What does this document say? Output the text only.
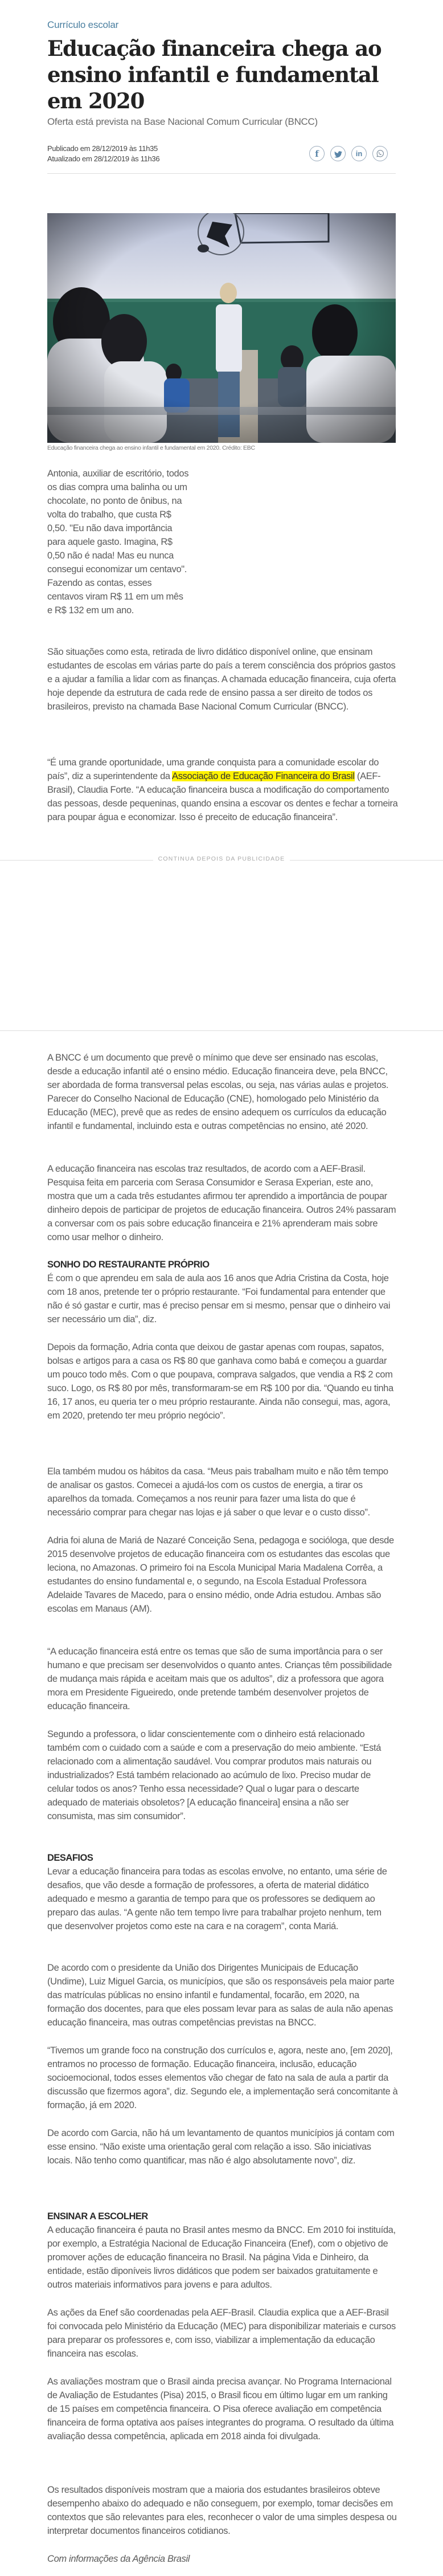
Currículo escolar
Educação financeira chega ao ensino infantil e fundamental em 2020
Oferta está prevista na Base Nacional Comum Curricular (BNCC)
Publicado em 28/12/2019 às 11h35
Atualizado em 28/12/2019 às 11h36	f	in
Educação financeira chega ao ensino infantil e fundamental em 2020. Crédito: EBC

Antonia, auxiliar de escritório, todos os dias compra uma balinha ou um chocolate, no ponto de ônibus, na volta do trabalho, que custa R$ 0,50. "Eu não dava importância para aquele gasto. Imagina, R$ 0,50 não é nada! Mas eu nunca consegui economizar um centavo". Fazendo as contas, esses centavos viram R$ 11 em um mês e R$ 132 em um ano.

São situações como esta, retirada de livro didático disponível online, que ensinam estudantes de escolas em várias parte do país a terem consciência dos próprios gastos e a ajudar a família a lidar com as finanças. A chamada educação financeira, cuja oferta hoje depende da estrutura de cada rede de ensino passa a ser direito de todos os brasileiros, previsto na chamada Base Nacional Comum Curricular (BNCC).

“É uma grande oportunidade, uma grande conquista para a comunidade escolar do país”, diz a superintendente da Associação de Educação Financeira do Brasil (AEF-Brasil), Claudia Forte. “A educação financeira busca a modificação do comportamento das pessoas, desde pequeninas, quando ensina a escovar os dentes e fechar a torneira para poupar água e economizar. Isso é preceito de educação financeira”.

CONTINUA DEPOIS DA PUBLICIDADE

A BNCC é um documento que prevê o mínimo que deve ser ensinado nas escolas, desde a educação infantil até o ensino médio. Educação financeira deve, pela BNCC, ser abordada de forma transversal pelas escolas, ou seja, nas várias aulas e projetos. Parecer do Conselho Nacional de Educação (CNE), homologado pelo Ministério da Educação (MEC), prevê que as redes de ensino adequem os currículos da educação infantil e fundamental, incluindo esta e outras competências no ensino, até 2020.

A educação financeira nas escolas traz resultados, de acordo com a AEF-Brasil. Pesquisa feita em parceria com Serasa Consumidor e Serasa Experian, este ano, mostra que um a cada três estudantes afirmou ter aprendido a importância de poupar dinheiro depois de participar de projetos de educação financeira. Outros 24% passaram a conversar com os pais sobre educação financeira e 21% aprenderam mais sobre como usar melhor o dinheiro.

SONHO DO RESTAURANTE PRÓPRIO

É com o que aprendeu em sala de aula aos 16 anos que Adria Cristina da Costa, hoje com 18 anos, pretende ter o próprio restaurante. “Foi fundamental para entender que não é só gastar e curtir, mas é preciso pensar em si mesmo, pensar que o dinheiro vai ser necessário um dia”, diz.

Depois da formação, Adria conta que deixou de gastar apenas com roupas, sapatos, bolsas e artigos para a casa os R$ 80 que ganhava como babá e começou a guardar um pouco todo mês. Com o que poupava, comprava salgados, que vendia a R$ 2 com suco. Logo, os R$ 80 por mês, transformaram-se em R$ 100 por dia. “Quando eu tinha 16, 17 anos, eu queria ter o meu próprio restaurante. Ainda não consegui, mas, agora, em 2020, pretendo ter meu próprio negócio”.

Ela também mudou os hábitos da casa. “Meus pais trabalham muito e não têm tempo de analisar os gastos. Comecei a ajudá-los com os custos de energia, a tirar os aparelhos da tomada. Começamos a nos reunir para fazer uma lista do que é necessário comprar para chegar nas lojas e já saber o que levar e o custo disso”.

Adria foi aluna de Mariá de Nazaré Conceição Sena, pedagoga e socióloga, que desde 2015 desenvolve projetos de educação financeira com os estudantes das escolas que leciona, no Amazonas. O primeiro foi na Escola Municipal Maria Madalena Corrêa, a estudantes do ensino fundamental e, o segundo, na Escola Estadual Professora Adelaide Tavares de Macedo, para o ensino médio, onde Adria estudou. Ambas são escolas em Manaus (AM).

“A educação financeira está entre os temas que são de suma importância para o ser humano e que precisam ser desenvolvidos o quanto antes. Crianças têm possibilidade de mudança mais rápida e aceitam mais que os adultos”, diz a professora que agora mora em Presidente Figueiredo, onde pretende também desenvolver projetos de educação financeira.

Segundo a professora, o lidar conscientemente com o dinheiro está relacionado também com o cuidado com a saúde e com a preservação do meio ambiente. “Está relacionado com a alimentação saudável. Vou comprar produtos mais naturais ou industrializados? Está também relacionado ao acúmulo de lixo. Preciso mudar de celular todos os anos? Tenho essa necessidade? Qual o lugar para o descarte adequado de materiais obsoletos? [A educação financeira] ensina a não ser consumista, mas sim consumidor”.

DESAFIOS

Levar a educação financeira para todas as escolas envolve, no entanto, uma série de desafios, que vão desde a formação de professores, a oferta de material didático adequado e mesmo a garantia de tempo para que os professores se dediquem ao preparo das aulas. “A gente não tem tempo livre para trabalhar projeto nenhum, tem que desenvolver projetos como este na cara e na coragem”, conta Mariá.

De acordo com o presidente da União dos Dirigentes Municipais de Educação (Undime), Luiz Miguel Garcia, os municípios, que são os responsáveis pela maior parte das matrículas públicas no ensino infantil e fundamental, focarão, em 2020, na formação dos docentes, para que eles possam levar para as salas de aula não apenas educação financeira, mas outras competências previstas na BNCC.

“Tivemos um grande foco na construção dos currículos e, agora, neste ano, [em 2020], entramos no processo de formação. Educação financeira, inclusão, educação socioemocional, todos esses elementos vão chegar de fato na sala de aula a partir da discussão que fizermos agora”, diz. Segundo ele, a implementação será concomitante à formação, já em 2020.

De acordo com Garcia, não há um levantamento de quantos municípios já contam com esse ensino. “Não existe uma orientação geral com relação a isso. São iniciativas locais. Não tenho como quantificar, mas não é algo absolutamente novo”, diz.

ENSINAR A ESCOLHER

A educação financeira é pauta no Brasil antes mesmo da BNCC. Em 2010 foi instituída, por exemplo, a Estratégia Nacional de Educação Financeira (Enef), com o objetivo de promover ações de educação financeira no Brasil. Na página Vida e Dinheiro, da entidade, estão diponíveis livros didáticos que podem ser baixados gratuitamente e outros materiais informativos para jovens e para adultos.

As ações da Enef são coordenadas pela AEF-Brasil. Claudia explica que a AEF-Brasil foi convocada pelo Ministério da Educação (MEC) para disponibilizar materiais e cursos para preparar os professores e, com isso, viabilizar a implementação da educação financeira nas escolas.

As avaliações mostram que o Brasil ainda precisa avançar. No Programa Internacional de Avaliação de Estudantes (Pisa) 2015, o Brasil ficou em último lugar em um ranking de 15 países em competência financeira. O Pisa oferece avaliação em competência financeira de forma optativa aos países integrantes do programa. O resultado da última avaliação dessa competência, aplicada em 2018 ainda foi divulgada.

Os resultados disponíveis mostram que a maioria dos estudantes brasileiros obteve desempenho abaixo do adequado e não conseguem, por exemplo, tomar decisões em contextos que são relevantes para eles, reconhecer o valor de uma simples despesa ou interpretar documentos financeiros cotidianos.

Com informações da Agência Brasil
